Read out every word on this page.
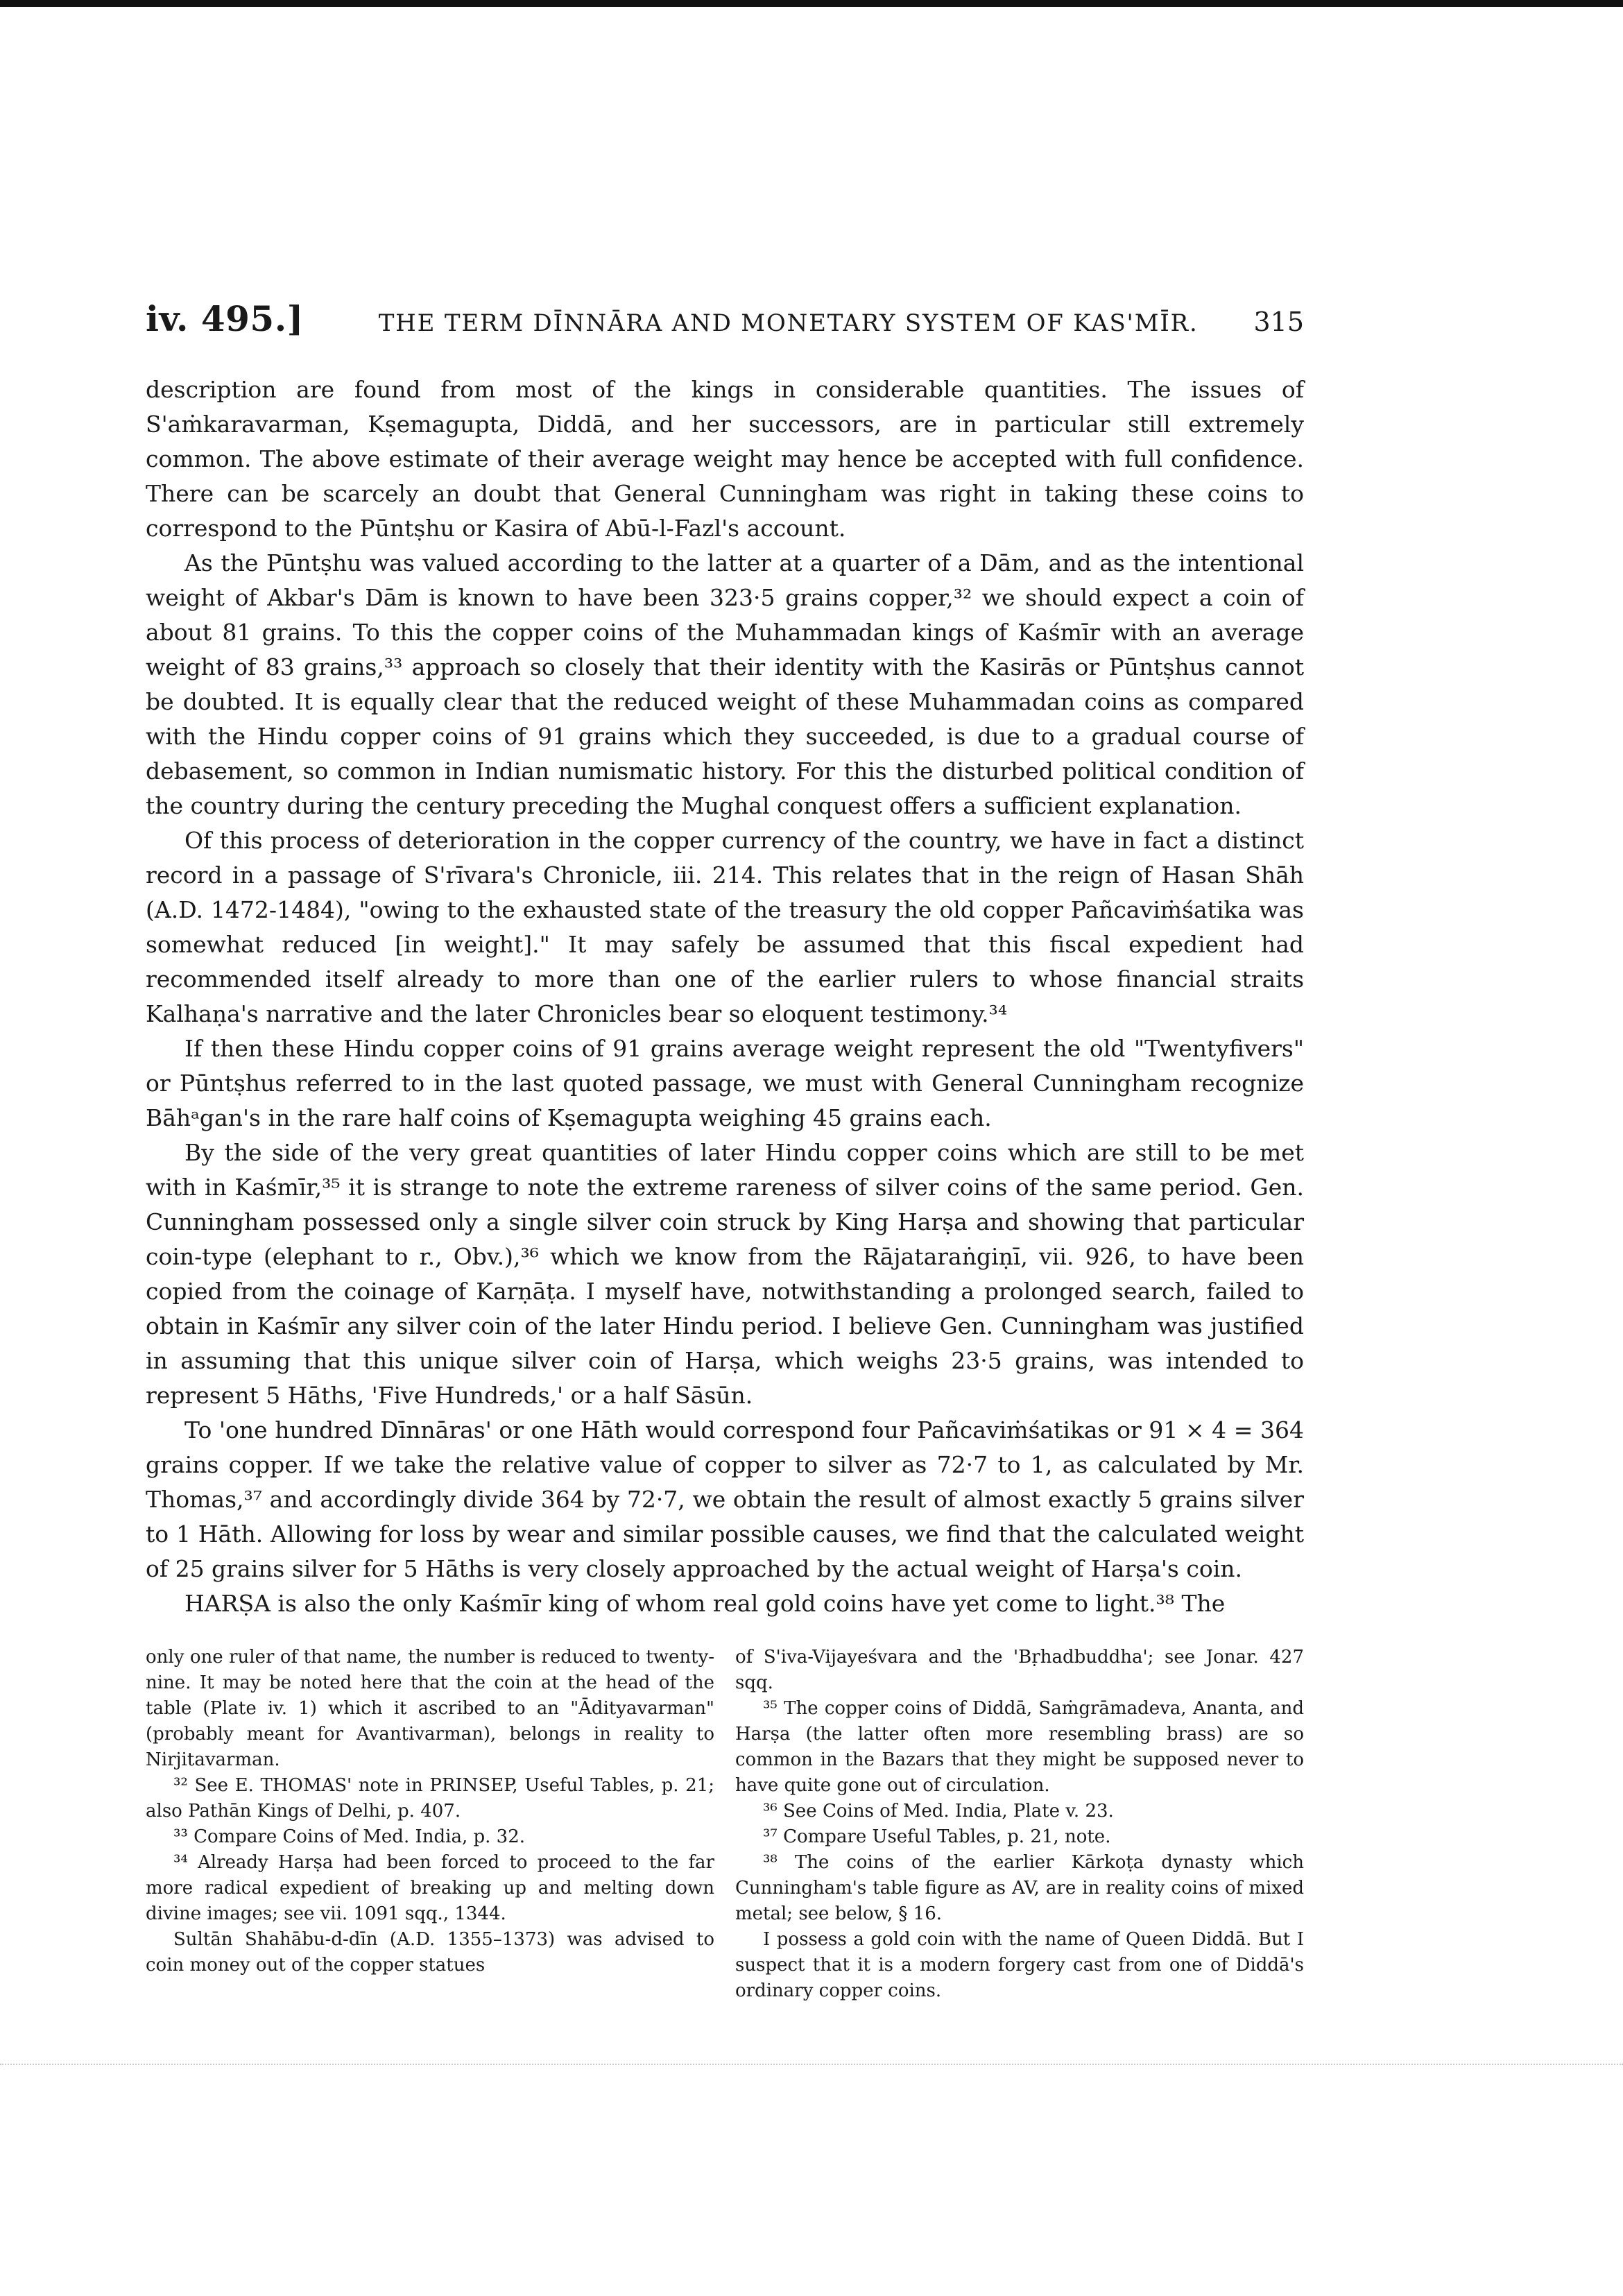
iv. 495.]	THE TERM DĪNNĀRA AND MONETARY SYSTEM OF KAS'MĪR.	315

description are found from most of the kings in considerable quantities. The issues of S'aṁkaravarman, Kṣemagupta, Diddā, and her successors, are in particular still extremely common. The above estimate of their average weight may hence be accepted with full confidence. There can be scarcely an doubt that General Cunningham was right in taking these coins to correspond to the Pūntṣhu or Kasira of Abū-l-Fazl's account.

As the Pūntṣhu was valued according to the latter at a quarter of a Dām, and as the intentional weight of Akbar's Dām is known to have been 323·5 grains copper,³² we should expect a coin of about 81 grains. To this the copper coins of the Muhammadan kings of Kaśmīr with an average weight of 83 grains,³³ approach so closely that their identity with the Kasirās or Pūntṣhus cannot be doubted. It is equally clear that the reduced weight of these Muhammadan coins as compared with the Hindu copper coins of 91 grains which they succeeded, is due to a gradual course of debasement, so common in Indian numismatic history. For this the disturbed political condition of the country during the century preceding the Mughal conquest offers a sufficient explanation.

Of this process of deterioration in the copper currency of the country, we have in fact a distinct record in a passage of S'rīvara's Chronicle, iii. 214. This relates that in the reign of Hasan Shāh (A.D. 1472-1484), "owing to the exhausted state of the treasury the old copper Pañcaviṁśatika was somewhat reduced [in weight]." It may safely be assumed that this fiscal expedient had recommended itself already to more than one of the earlier rulers to whose financial straits Kalhaṇa's narrative and the later Chronicles bear so eloquent testimony.³⁴

If then these Hindu copper coins of 91 grains average weight represent the old "Twentyfivers" or Pūntṣhus referred to in the last quoted passage, we must with General Cunningham recognize Bāhᵃgan's in the rare half coins of Kṣemagupta weighing 45 grains each.

By the side of the very great quantities of later Hindu copper coins which are still to be met with in Kaśmīr,³⁵ it is strange to note the extreme rareness of silver coins of the same period. Gen. Cunningham possessed only a single silver coin struck by King Harṣa and showing that particular coin-type (elephant to r., Obv.),³⁶ which we know from the Rājataraṅgiṇī, vii. 926, to have been copied from the coinage of Karṇāṭa. I myself have, notwithstanding a prolonged search, failed to obtain in Kaśmīr any silver coin of the later Hindu period. I believe Gen. Cunningham was justified in assuming that this unique silver coin of Harṣa, which weighs 23·5 grains, was intended to represent 5 Hāths, 'Five Hundreds,' or a half Sāsūn.

To 'one hundred Dīnnāras' or one Hāth would correspond four Pañcaviṁśatikas or 91 × 4 = 364 grains copper. If we take the relative value of copper to silver as 72·7 to 1, as calculated by Mr. Thomas,³⁷ and accordingly divide 364 by 72·7, we obtain the result of almost exactly 5 grains silver to 1 Hāth. Allowing for loss by wear and similar possible causes, we find that the calculated weight of 25 grains silver for 5 Hāths is very closely approached by the actual weight of Harṣa's coin.

HARṢA is also the only Kaśmīr king of whom real gold coins have yet come to light.³⁸ The

only one ruler of that name, the number is reduced to twenty-nine. It may be noted here that the coin at the head of the table (Plate iv. 1) which it ascribed to an "Ādityavarman" (probably meant for Avantivarman), belongs in reality to Nirjitavarman.

³² See E. THOMAS' note in PRINSEP, Useful Tables, p. 21; also Pathān Kings of Delhi, p. 407.

³³ Compare Coins of Med. India, p. 32.

³⁴ Already Harṣa had been forced to proceed to the far more radical expedient of breaking up and melting down divine images; see vii. 1091 sqq., 1344.

Sultān Shahābu-d-dīn (A.D. 1355–1373) was advised to coin money out of the copper statues

of S'iva-Vijayeśvara and the 'Bṛhadbuddha'; see Jonar. 427 sqq.

³⁵ The copper coins of Diddā, Saṁgrāmadeva, Ananta, and Harṣa (the latter often more resembling brass) are so common in the Bazars that they might be supposed never to have quite gone out of circulation.

³⁶ See Coins of Med. India, Plate v. 23.

³⁷ Compare Useful Tables, p. 21, note.

³⁸ The coins of the earlier Kārkoṭa dynasty which Cunningham's table figure as AV, are in reality coins of mixed metal; see below, § 16.

I possess a gold coin with the name of Queen Diddā. But I suspect that it is a modern forgery cast from one of Diddā's ordinary copper coins.
